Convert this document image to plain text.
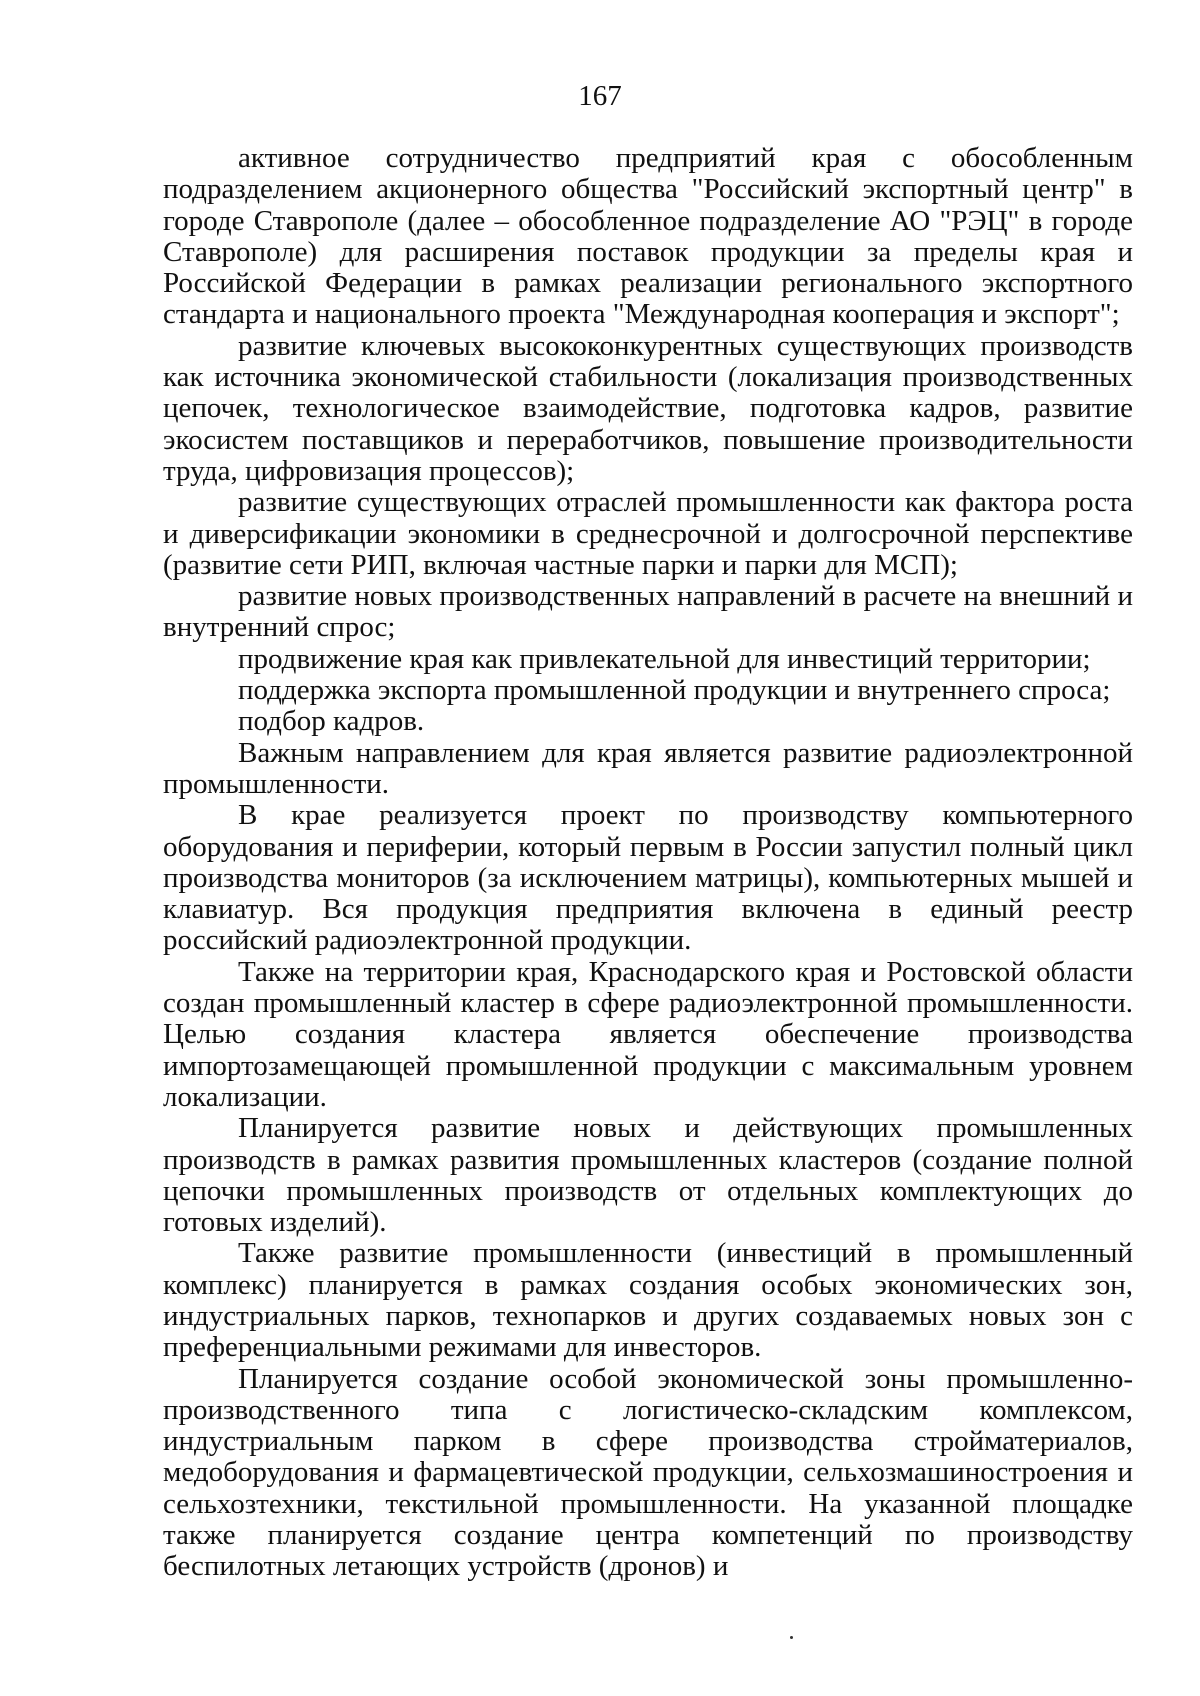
167

активное сотрудничество предприятий края с обособленным подразделением акционерного общества "Российский экспортный центр" в городе Ставрополе (далее – обособленное подразделение АО "РЭЦ" в городе Ставрополе) для расширения поставок продукции за пределы края и Российской Федерации в рамках реализации регионального экспортного стандарта и национального проекта "Международная кооперация и экспорт";

развитие ключевых высококонкурентных существующих производств как источника экономической стабильности (локализация производственных цепочек, технологическое взаимодействие, подготовка кадров, развитие экосистем поставщиков и переработчиков, повышение производительности труда, цифровизация процессов);

развитие существующих отраслей промышленности как фактора роста и диверсификации экономики в среднесрочной и долгосрочной перспективе (развитие сети РИП, включая частные парки и парки для МСП);

развитие новых производственных направлений в расчете на внешний и внутренний спрос;

продвижение края как привлекательной для инвестиций территории;

поддержка экспорта промышленной продукции и внутреннего спроса;

подбор кадров.

Важным направлением для края является развитие радиоэлектронной промышленности.

В крае реализуется проект по производству компьютерного оборудования и периферии, который первым в России запустил полный цикл производства мониторов (за исключением матрицы), компьютерных мышей и клавиатур. Вся продукция предприятия включена в единый реестр российский радиоэлектронной продукции.

Также на территории края, Краснодарского края и Ростовской области создан промышленный кластер в сфере радиоэлектронной промышленности. Целью создания кластера является обеспечение производства импортозамещающей промышленной продукции с максимальным уровнем локализации.

Планируется развитие новых и действующих промышленных производств в рамках развития промышленных кластеров (создание полной цепочки промышленных производств от отдельных комплектующих до готовых изделий).

Также развитие промышленности (инвестиций в промышленный комплекс) планируется в рамках создания особых экономических зон, индустриальных парков, технопарков и других создаваемых новых зон с преференциальными режимами для инвесторов.

Планируется создание особой экономической зоны промышленно-производственного типа с логистическо-складским комплексом, индустриальным парком в сфере производства стройматериалов, медоборудования и фармацевтической продукции, сельхозмашиностроения и сельхозтехники, текстильной промышленности. На указанной площадке также планируется создание центра компетенций по производству беспилотных летающих устройств (дронов) и
